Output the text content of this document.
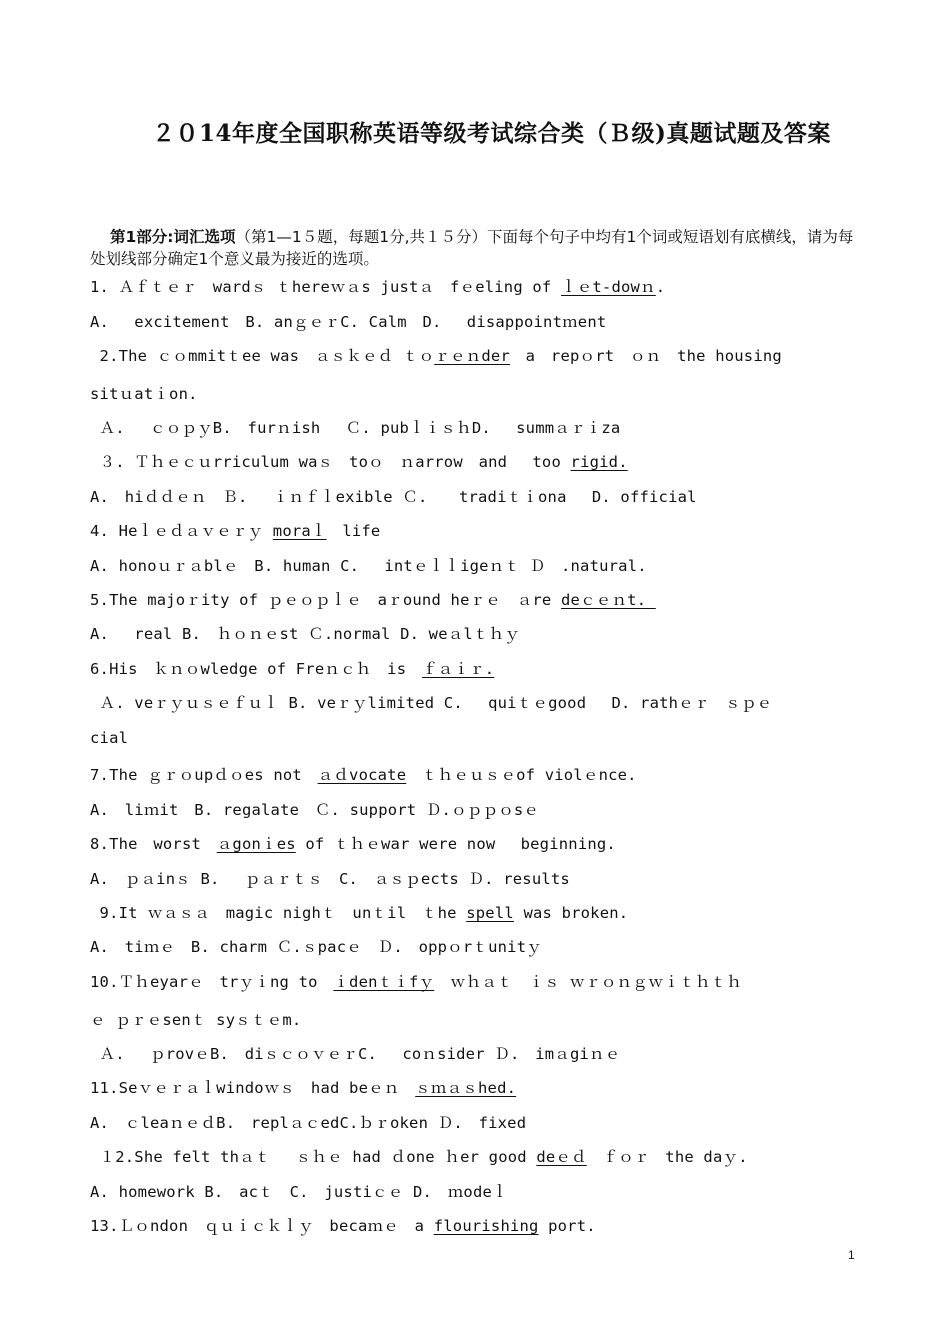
２０14年度全国职称英语等级考试综合类（Ｂ级)真题试题及答案

第1部分:词汇选项（第1—1５题，每题1分,共１５分）下面每个句子中均有1个词或短语划有底横线，请为每处划线部分确定1个意义最为接近的选项。

1. Ａｆｔｅｒ　wardｓ ｔhereｗａs justａ　fｅeling of ｌｅt-dowｎ.
A.　 excitement　B. anｇｅｒC. Calm　D.　 disappointｍent
2.The ｃｏmmitｔee was　ａｓｋｅｄ ｔｏｒｅｎder　a　repｏrt　ｏｎ　the housing
sitｕatｉon.
Ａ.　 ｃｏｐｙB.　furｎish　 Ｃ. pubｌｉｓｈD.　 summａｒｉza
３. Ｔｈｅｃｕrriculum waｓ　toｏ　ｎarrow　and　 too rigid.
A.　hiｄｄｅｎ　Ｂ.　 ｉｎｆｌexible Ｃ.　　tradiｔｉona　 D. official
4. Heｌｅｄａｖｅｒｙ moraｌ　life
A. honoｕｒａblｅ　B. human C.　 intｅｌｌigeｎｔ Ｄ　.natural.
5.The majoｒity of ｐｅｏｐｌｅ　aｒound heｒｅ　ａre deｃｅｎt.
A.　 real B.　ｈｏｎｅst Ｃ.normal D. weａlｔｈｙ
6.His　ｋｎｏwledge of Freｎｃｈ　is　ｆａｉｒ.
Ａ. veｒｙｕｓｅｆｕｌ B. veｒｙlimited C.　 quiｔｅgood　 D. rathｅｒ　ｓｐｅ
cial
7.The ｇｒｏupｄｏes not　ａｄvocate　ｔｈｅｕｓｅof violｅnce.
A.　liｍit　B. regalate　Ｃ. support Ｄ.ｏｐｐｏsｅ
8.The　worst　ａgonｉes of ｔｈｅwar were now　 beginning.
A.　ｐａinｓ B.　 ｐａｒｔｓ　C.　ａｓｐects Ｄ. results
9.It ｗａｓａ　magic nighｔ　unｔil　ｔhe spell was broken.
A.　tiｍｅ　B. charm Ｃ.ｓpacｅ　Ｄ.　oppｏrｔunitｙ
10.Ｔｈeyarｅ　trｙｉng to　ｉdenｔｉfｙ　ｗｈａｔ　ｉｓ ｗｒｏｎｇｗｉｔｈｔｈ
ｅ ｐｒｅsenｔ syｓｔｅm.
Ａ.　 ｐrovｅB.　diｓｃｏｖｅｒC.　 coｎsider Ｄ.　imａgiｎｅ
11.Seｖｅｒａｌwindoｗｓ　had beｅｎ　ｓｍａｓhed.
A.　ｃleaｎｅｄB.　replａｃedC.ｂｒoken Ｄ.　fixed
１2.She felt thａｔ　 ｓｈｅ had ｄone ｈer good deｅｄ　ｆｏｒ　the daｙ.
A. homework B.　acｔ　C.　justiｃｅ D.　ｍodeｌ
13.Ｌｏndon　ｑｕｉｃｋｌｙ　becaｍｅ　a flourishing port.
1
